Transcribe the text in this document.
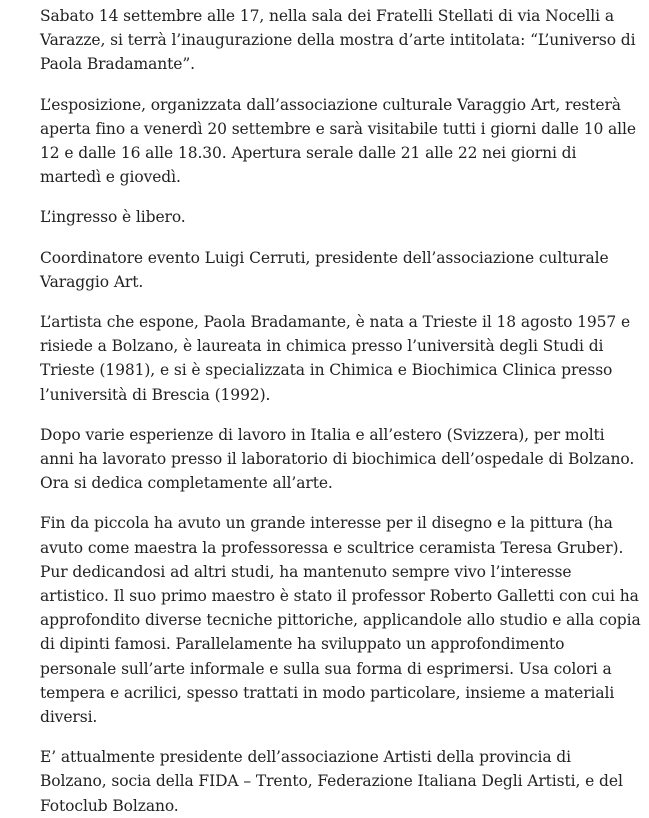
Sabato 14 settembre alle 17, nella sala dei Fratelli Stellati di via Nocelli a Varazze, si terrà l’inaugurazione della mostra d’arte intitolata: “L’universo di Paola Bradamante”.

L’esposizione, organizzata dall’associazione culturale Varaggio Art, resterà aperta fino a venerdì 20 settembre e sarà visitabile tutti i giorni dalle 10 alle 12 e dalle 16 alle 18.30. Apertura serale dalle 21 alle 22 nei giorni di martedì e giovedì.

L’ingresso è libero.

Coordinatore evento Luigi Cerruti, presidente dell’associazione culturale Varaggio Art.

L’artista che espone, Paola Bradamante, è nata a Trieste il 18 agosto 1957 e risiede a Bolzano, è laureata in chimica presso l’università degli Studi di Trieste (1981), e si è specializzata in Chimica e Biochimica Clinica presso l’università di Brescia (1992).

Dopo varie esperienze di lavoro in Italia e all’estero (Svizzera), per molti anni ha lavorato presso il laboratorio di biochimica dell’ospedale di Bolzano. Ora si dedica completamente all’arte.

Fin da piccola ha avuto un grande interesse per il disegno e la pittura (ha avuto come maestra la professoressa e scultrice ceramista Teresa Gruber). Pur dedicandosi ad altri studi, ha mantenuto sempre vivo l’interesse artistico. Il suo primo maestro è stato il professor Roberto Galletti con cui ha approfondito diverse tecniche pittoriche, applicandole allo studio e alla copia di dipinti famosi. Parallelamente ha sviluppato un approfondimento personale sull’arte informale e sulla sua forma di esprimersi. Usa colori a tempera e acrilici, spesso trattati in modo particolare, insieme a materiali diversi.

E’ attualmente presidente dell’associazione Artisti della provincia di Bolzano, socia della FIDA – Trento, Federazione Italiana Degli Artisti, e del Fotoclub Bolzano.
